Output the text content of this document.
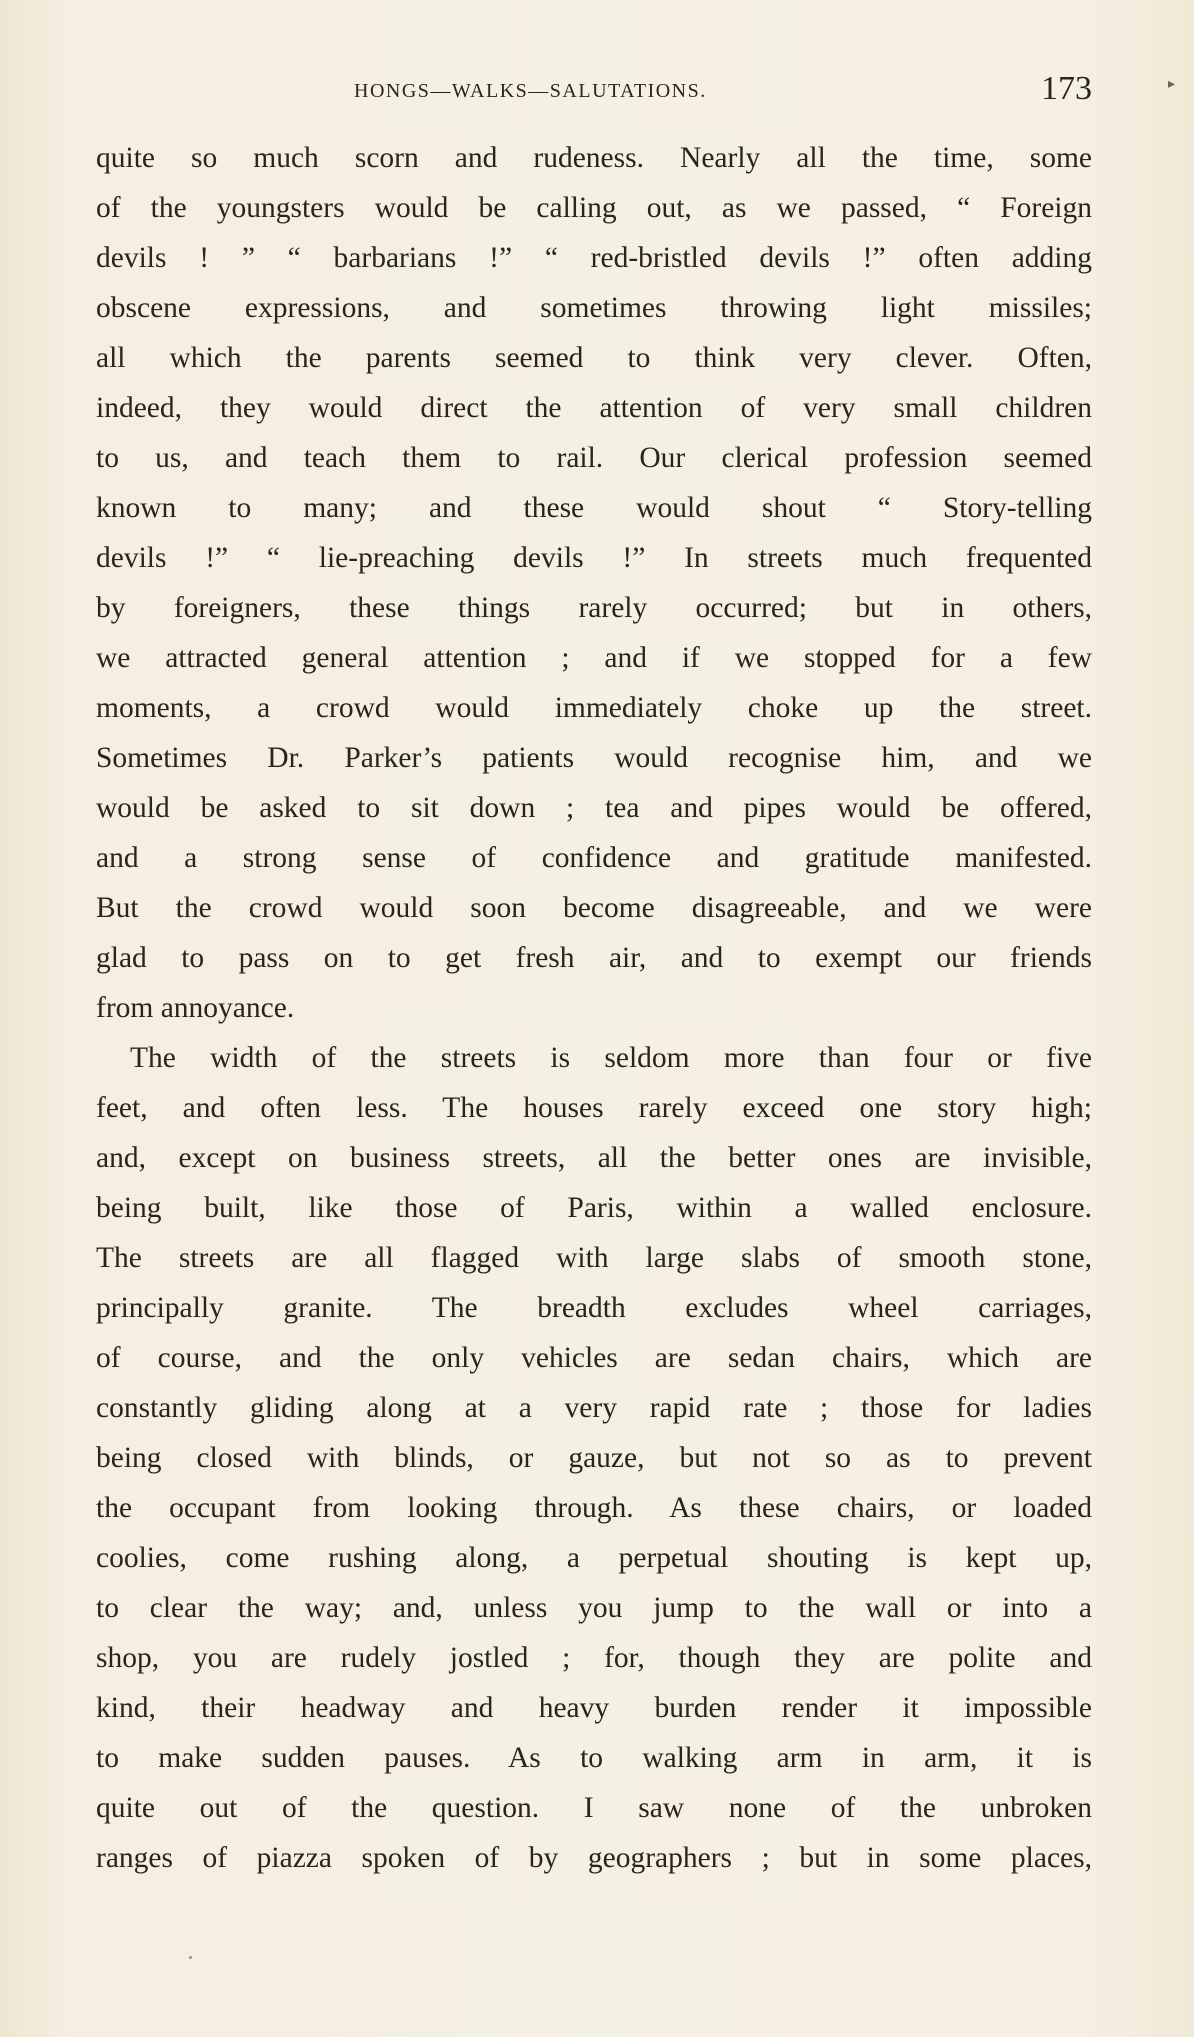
HONGS—WALKS—SALUTATIONS.	173	▸
quite so much scorn and rudeness. Nearly all the time, some
of the youngsters would be calling out, as we passed, “ Foreign
devils ! ” “ barbarians !” “ red-bristled devils !” often adding
obscene expressions, and sometimes throwing light missiles;
all which the parents seemed to think very clever. Often,
indeed, they would direct the attention of very small children
to us, and teach them to rail. Our clerical profession seemed
known to many; and these would shout “ Story-telling
devils !” “ lie-preaching devils !” In streets much frequented
by foreigners, these things rarely occurred; but in others,
we attracted general attention ; and if we stopped for a few
moments, a crowd would immediately choke up the street.
Sometimes Dr. Parker’s patients would recognise him, and we
would be asked to sit down ; tea and pipes would be offered,
and a strong sense of confidence and gratitude manifested.
But the crowd would soon become disagreeable, and we were
glad to pass on to get fresh air, and to exempt our friends
from annoyance.
The width of the streets is seldom more than four or five
feet, and often less. The houses rarely exceed one story high;
and, except on business streets, all the better ones are invisible,
being built, like those of Paris, within a walled enclosure.
The streets are all flagged with large slabs of smooth stone,
principally granite. The breadth excludes wheel carriages,
of course, and the only vehicles are sedan chairs, which are
constantly gliding along at a very rapid rate ; those for ladies
being closed with blinds, or gauze, but not so as to prevent
the occupant from looking through. As these chairs, or loaded
coolies, come rushing along, a perpetual shouting is kept up,
to clear the way; and, unless you jump to the wall or into a
shop, you are rudely jostled ; for, though they are polite and
kind, their headway and heavy burden render it impossible
to make sudden pauses. As to walking arm in arm, it is
quite out of the question. I saw none of the unbroken
ranges of piazza spoken of by geographers ; but in some places,
